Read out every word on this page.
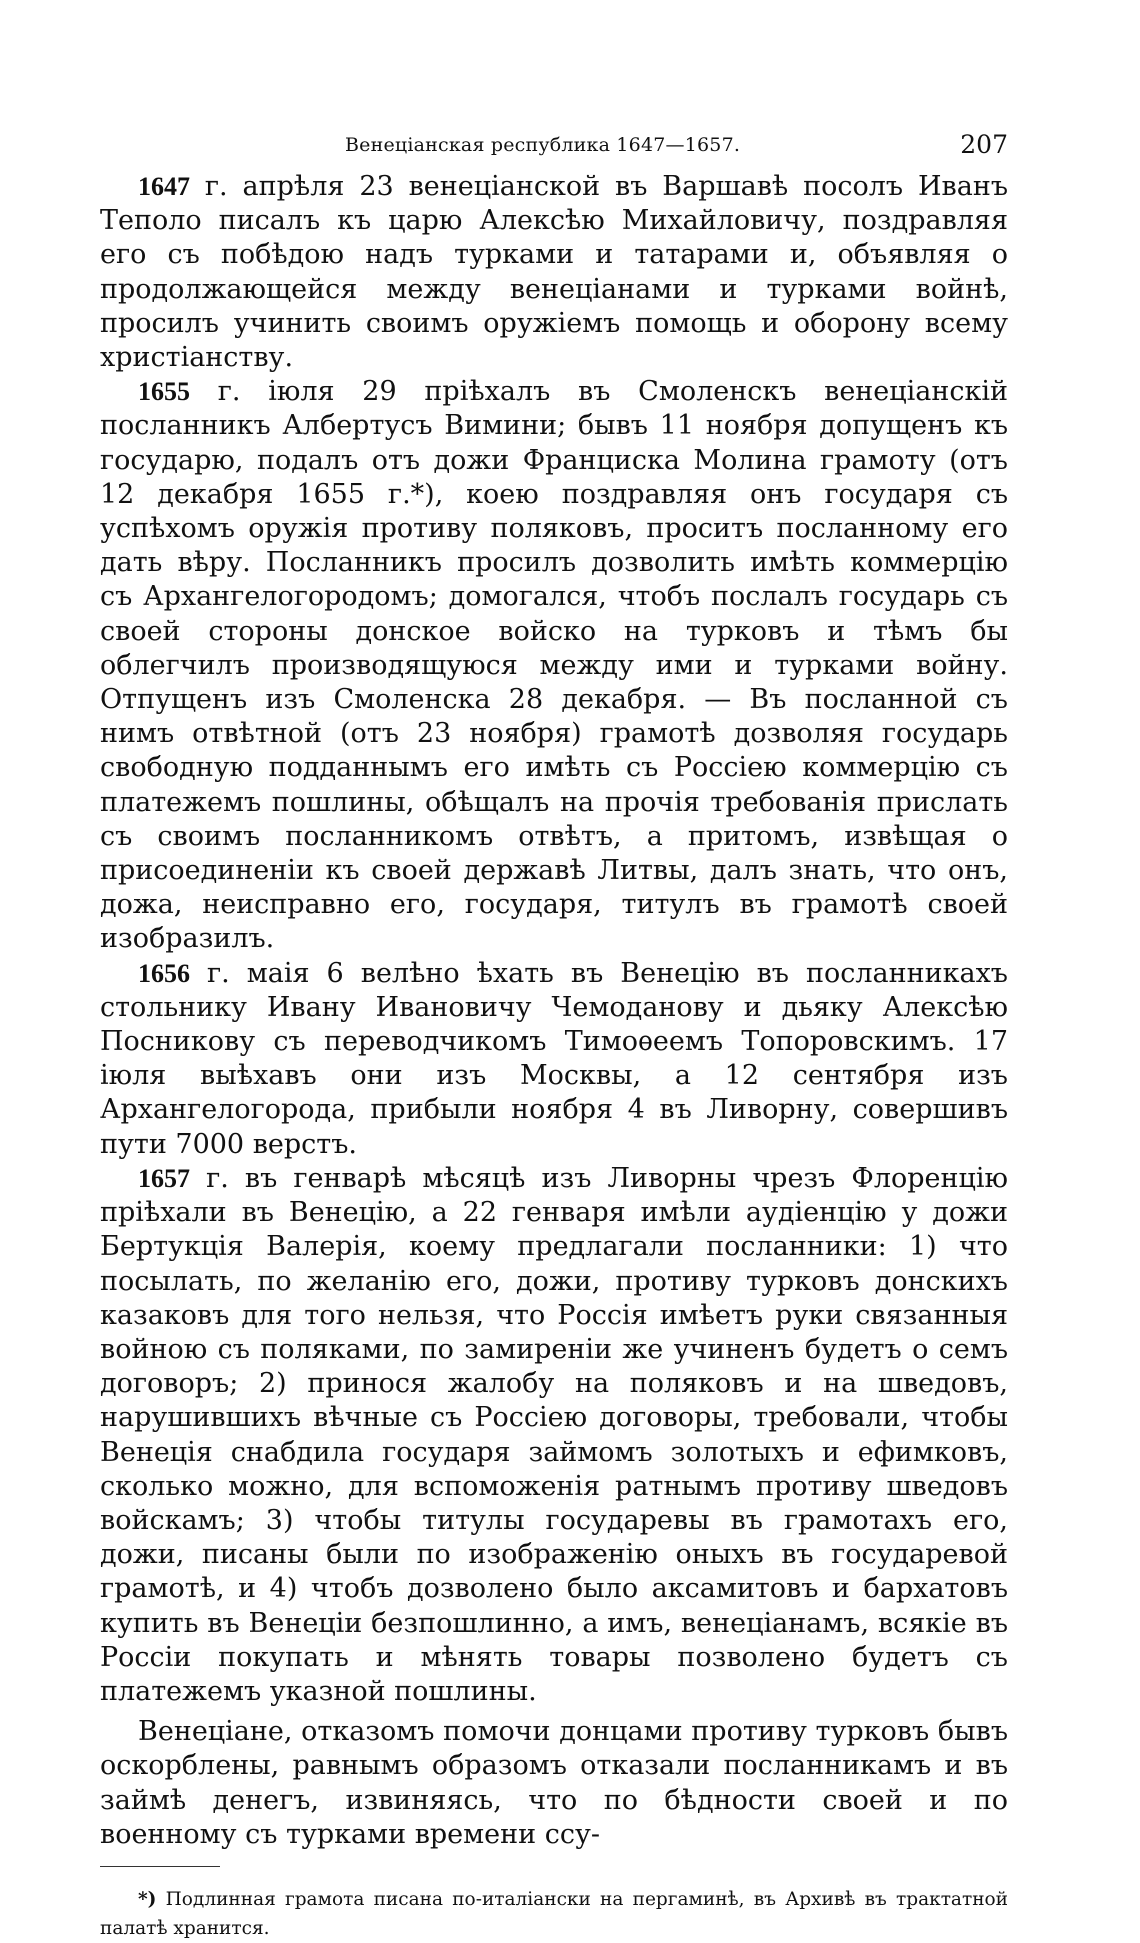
Венеціанская республика 1647—1657.	207

1647 г. апрѣля 23 венеціанской въ Варшавѣ посолъ Иванъ Теполо писалъ къ царю Алексѣю Михайловичу, поздравляя его съ побѣдою надъ турками и татарами и, объявляя о продолжающейся между венеціанами и турками войнѣ, просилъ учинить своимъ оружіемъ помощь и оборону всему христіанству.

1655 г. іюля 29 пріѣхалъ въ Смоленскъ венеціанскій посланникъ Албертусъ Вимини; бывъ 11 ноября допущенъ къ государю, подалъ отъ дожи Франциска Молина грамоту (отъ 12 декабря 1655 г.*), коею поздравляя онъ государя съ успѣхомъ оружія противу поляковъ, проситъ посланному его дать вѣру. Посланникъ просилъ дозволить имѣть коммерцію съ Архангелогородомъ; домогался, чтобъ послалъ государь съ своей стороны донское войско на турковъ и тѣмъ бы облегчилъ производящуюся между ими и турками войну. Отпущенъ изъ Смоленска 28 декабря. — Въ посланной съ нимъ отвѣтной (отъ 23 ноября) грамотѣ дозволяя государь свободную подданнымъ его имѣть съ Россіею коммерцію съ платежемъ пошлины, обѣщалъ на прочія требованія прислать съ своимъ посланникомъ отвѣтъ, а притомъ, извѣщая о присоединеніи къ своей державѣ Литвы, далъ знать, что онъ, дожа, неисправно его, государя, титулъ въ грамотѣ своей изобразилъ.

1656 г. маія 6 велѣно ѣхать въ Венецію въ посланникахъ стольнику Ивану Ивановичу Чемоданову и дьяку Алексѣю Посникову съ переводчикомъ Тимоѳеемъ Топоровскимъ. 17 іюля выѣхавъ они изъ Москвы, а 12 сентября изъ Архангелогорода, прибыли ноября 4 въ Ливорну, совершивъ пути 7000 верстъ.

1657 г. въ генварѣ мѣсяцѣ изъ Ливорны чрезъ Флоренцію пріѣхали въ Венецію, а 22 генваря имѣли аудіенцію у дожи Бертукція Валерія, коему предлагали посланники: 1) что посылать, по желанію его, дожи, противу турковъ донскихъ казаковъ для того нельзя, что Россія имѣетъ руки связанныя войною съ поляками, по замиреніи же учиненъ будетъ о семъ договоръ; 2) принося жалобу на поляковъ и на шведовъ, нарушившихъ вѣчные съ Россіею договоры, требовали, чтобы Венеція снабдила государя займомъ золотыхъ и ефимковъ, сколько можно, для вспоможенія ратнымъ противу шведовъ войскамъ; 3) чтобы титулы государевы въ грамотахъ его, дожи, писаны были по изображенію оныхъ въ государевой грамотѣ, и 4) чтобъ дозволено было аксамитовъ и бархатовъ купить въ Венеціи безпошлинно, а имъ, венеціанамъ, всякіе въ Россіи покупать и мѣнять товары позволено будетъ съ платежемъ указной пошлины.

Венеціане, отказомъ помочи донцами противу турковъ бывъ оскорблены, равнымъ образомъ отказали посланникамъ и въ займѣ денегъ, извиняясь, что по бѣдности своей и по военному съ турками времени ссу-

*) Подлинная грамота писана по-италіански на пергаминѣ, въ Архивѣ въ трактатной палатѣ хранится.
